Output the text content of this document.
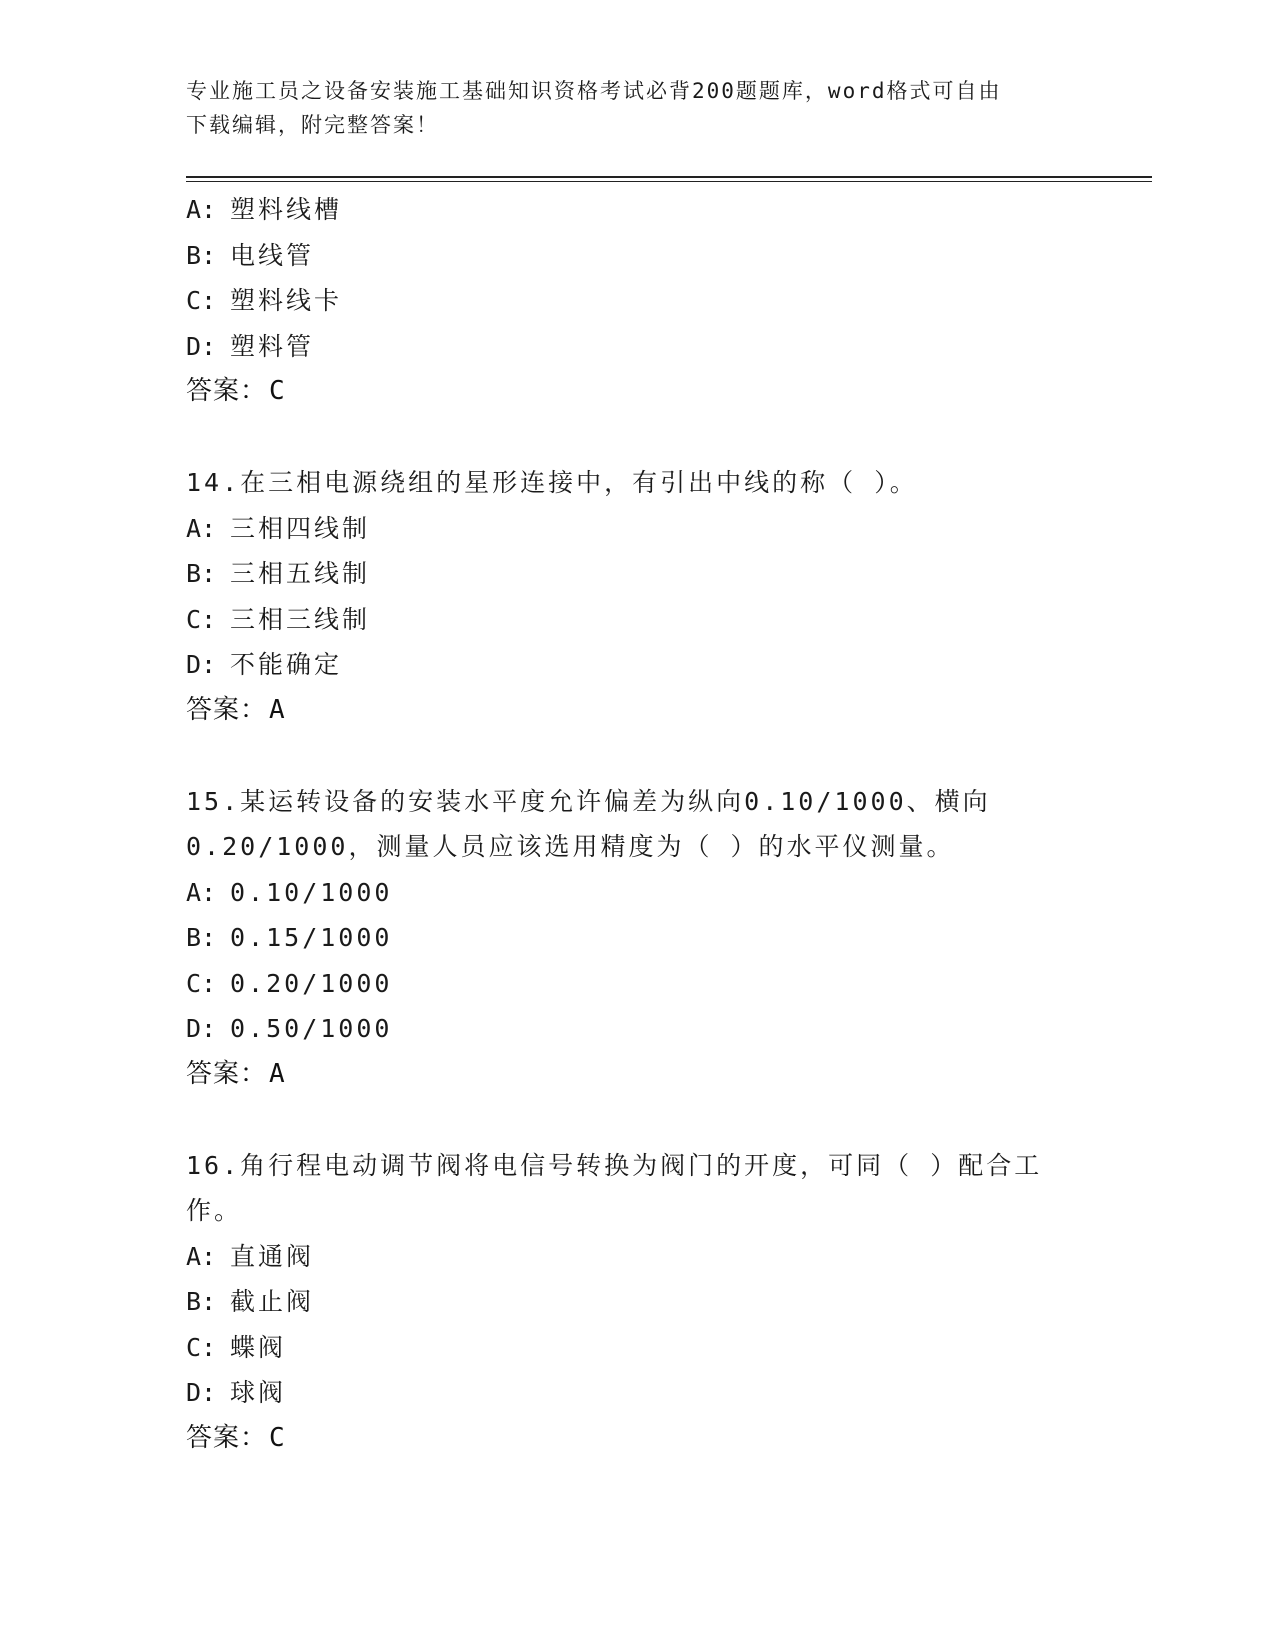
专业施工员之设备安装施工基础知识资格考试必背200题题库，word格式可自由
下载编辑，附完整答案！
A: 塑料线槽
B: 电线管
C: 塑料线卡
D: 塑料管
答案：C
14.在三相电源绕组的星形连接中，有引出中线的称（ ）。
A: 三相四线制
B: 三相五线制
C: 三相三线制
D: 不能确定
答案：A
15.某运转设备的安装水平度允许偏差为纵向0.10/1000、横向
0.20/1000，测量人员应该选用精度为（ ）的水平仪测量。
A: 0.10/1000
B: 0.15/1000
C: 0.20/1000
D: 0.50/1000
答案：A
16.角行程电动调节阀将电信号转换为阀门的开度，可同（ ）配合工
作。
A: 直通阀
B: 截止阀
C: 蝶阀
D: 球阀
答案：C
